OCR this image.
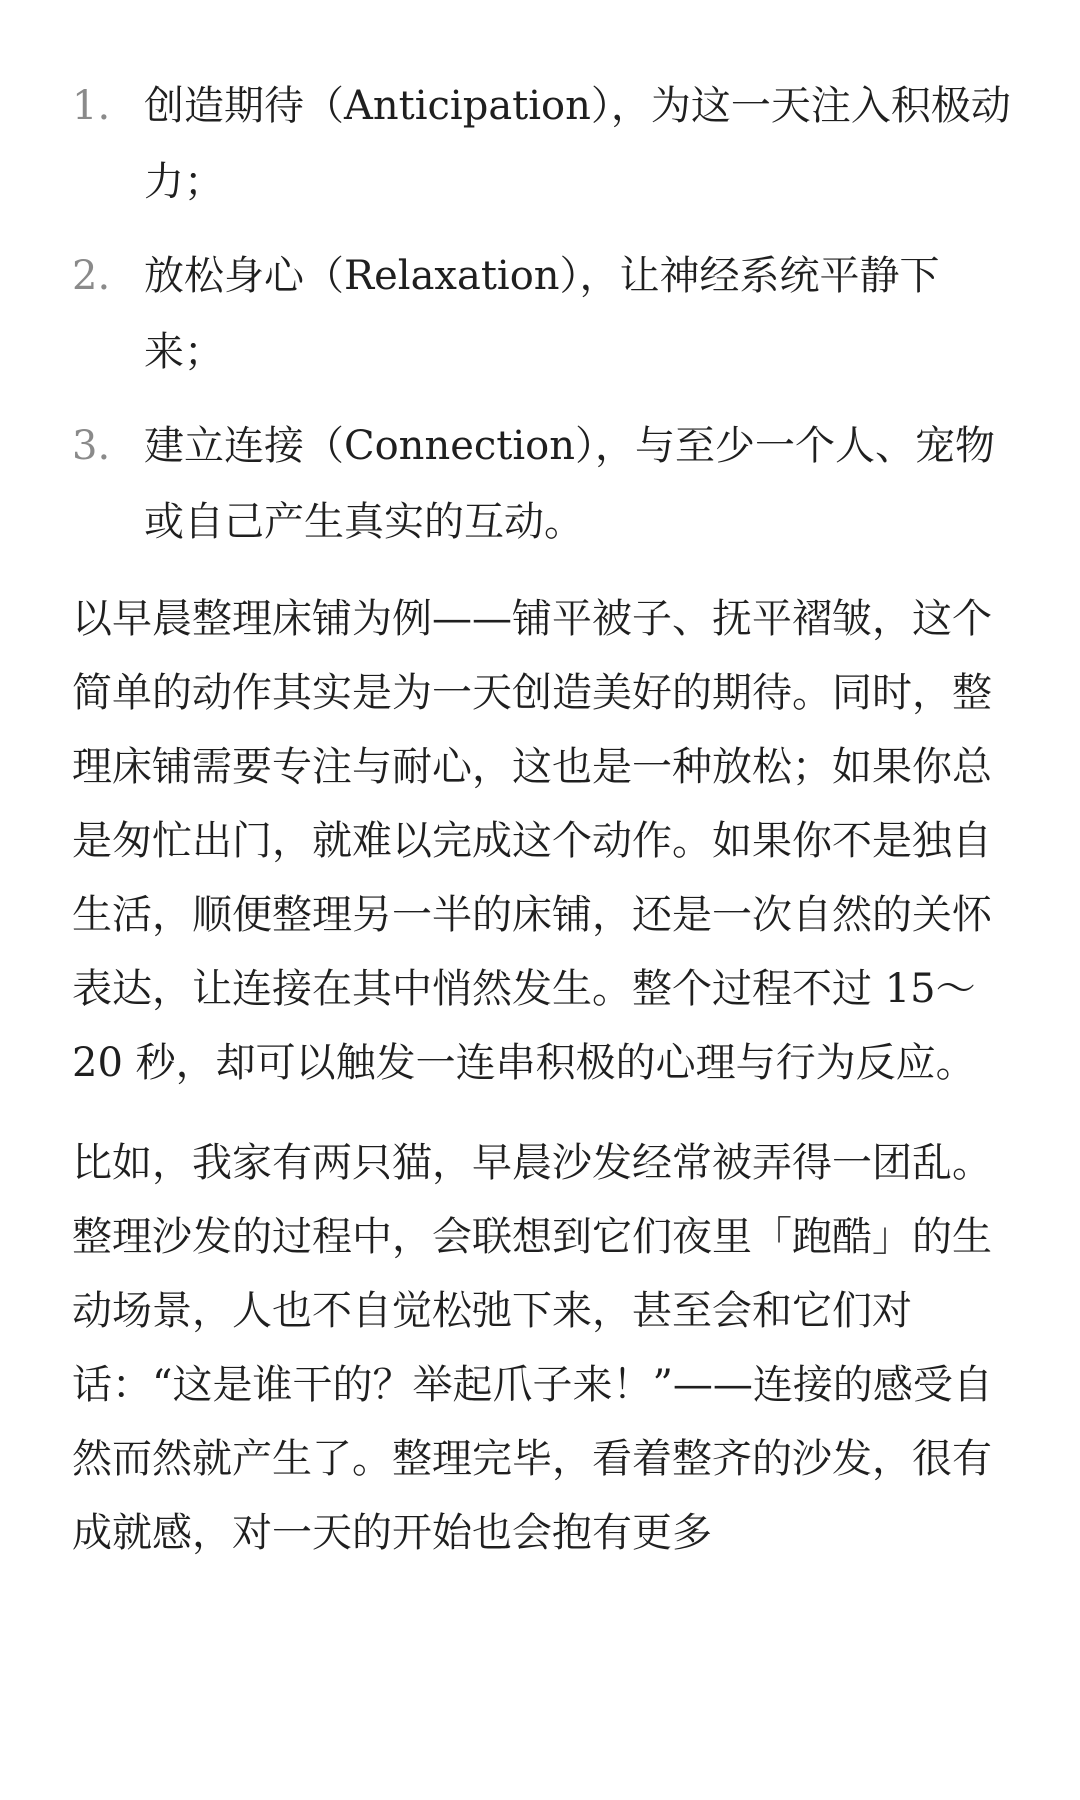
1. 创造期待（Anticipation），为这一天注入积极动力；
2. 放松身心（Relaxation），让神经系统平静下来；
3. 建立连接（Connection），与至少一个人、宠物或自己产生真实的互动。

以早晨整理床铺为例——铺平被子、抚平褶皱，这个简单的动作其实是为一天创造美好的期待。同时，整理床铺需要专注与耐心，这也是一种放松；如果你总是匆忙出门，就难以完成这个动作。如果你不是独自生活，顺便整理另一半的床铺，还是一次自然的关怀表达，让连接在其中悄然发生。整个过程不过 15～20 秒，却可以触发一连串积极的心理与行为反应。

比如，我家有两只猫，早晨沙发经常被弄得一团乱。整理沙发的过程中，会联想到它们夜里「跑酷」的生动场景，人也不自觉松弛下来，甚至会和它们对话：“这是谁干的？举起爪子来！”——连接的感受自然而然就产生了。整理完毕，看着整齐的沙发，很有成就感，对一天的开始也会抱有更多
